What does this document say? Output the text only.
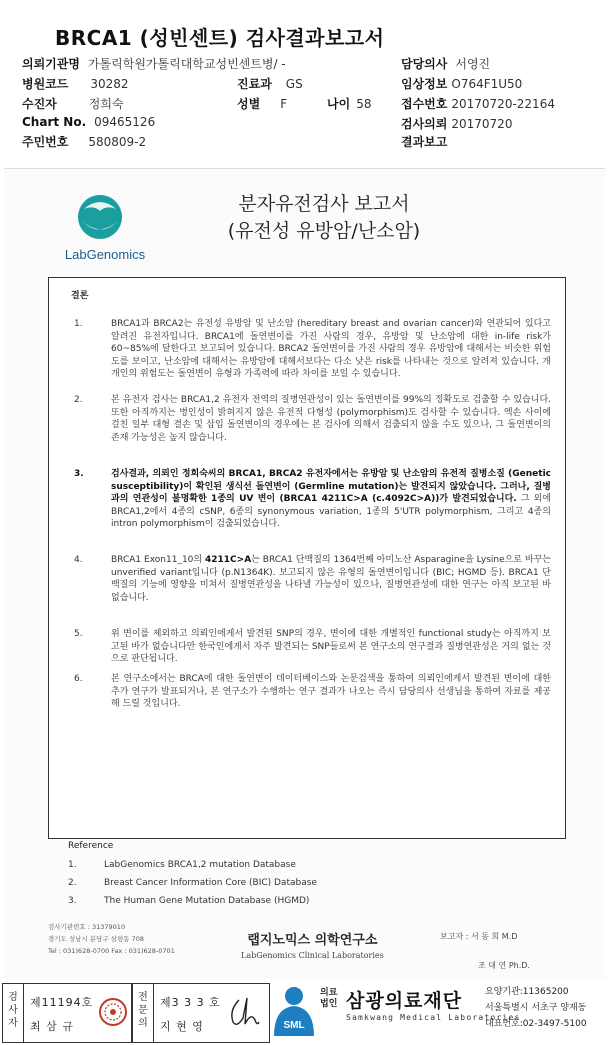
BRCA1 (성빈센트) 검사결과보고서
의뢰기관명 가톨릭학원가톨릭대학교성빈센트병/ -
병원코드 30282	진료과 GS
수진자	정희숙	성별 F	나이 58
Chart No. 09465126
주민번호 580809-2
담당의사 서영진
임상정보 O764F1U50
접수번호 20170720-22164
검사의뢰 20170720
결과보고
LabGenomics
분자유전검사 보고서
(유전성 유방암/난소암)
결론
1.	BRCA1과 BRCA2는 유전성 유방암 및 난소암 (hereditary breast and ovarian cancer)와 연관되어 있다고 알려진 유전자입니다. BRCA1에 돌연변이를 가진 사람의 경우, 유방암 및 난소암에 대한 in-life risk가 60~85%에 달한다고 보고되어 있습니다. BRCA2 돌연변이를 가진 사람의 경우 유방암에 대해서는 비슷한 위험도를 보이고, 난소암에 대해서는 유방암에 대해서보다는 다소 낮은 risk를 나타내는 것으로 알려져 있습니다. 개개인의 위험도는 돌연변이 유형과 가족력에 따라 차이를 보일 수 있습니다.
2.	본 유전자 검사는 BRCA1,2 유전자 전역의 질병연관성이 있는 돌연변이를 99%의 정확도로 검출할 수 있습니다. 또한 아직까지는 병인성이 밝혀지지 않은 유전적 다형성 (polymorphism)도 검사할 수 있습니다. 엑손 사이에 걸친 일부 대형 결손 및 삽입 돌연변이의 경우에는 본 검사에 의해서 검출되지 않을 수도 있으나, 그 돌연변이의 존재 가능성은 높지 않습니다.
3.	검사결과, 의뢰인 정희숙씨의 BRCA1, BRCA2 유전자에서는 유방암 및 난소암의 유전적 질병소질 (Genetic susceptibility)이 확인된 생식선 돌연변이 (Germline mutation)는 발견되지 않았습니다. 그러나, 질병과의 연관성이 불명확한 1종의 UV 변이 (BRCA1 4211C>A (c.4092C>A))가 발견되었습니다. 그 외에 BRCA1,2에서 4종의 cSNP, 6종의 synonymous variation, 1종의 5'UTR polymorphism, 그리고 4종의 intron polymorphism이 검출되었습니다.
4.	BRCA1 Exon11_10의 4211C>A는 BRCA1 단백질의 1364번째 아미노산 Asparagine을 Lysine으로 바꾸는 unverified variant입니다 (p.N1364K). 보고되지 않은 유형의 돌연변이입니다 (BIC; HGMD 등). BRCA1 단백질의 기능에 영향을 미쳐서 질병연관성을 나타낼 가능성이 있으나, 질병연관성에 대한 연구는 아직 보고된 바 없습니다.
5.	위 변이를 제외하고 의뢰인에게서 발견된 SNP의 경우, 변이에 대한 개별적인 functional study는 아직까지 보고된 바가 없습니다만 한국인에게서 자주 발견되는 SNP들로써 본 연구소의 연구결과 질병연관성은 거의 없는 것으로 판단됩니다.
6.	본 연구소에서는 BRCA에 대한 돌연변이 데이터베이스와 논문검색을 통하여 의뢰인에게서 발견된 변이에 대한 추가 연구가 발표되거나, 본 연구소가 수행하는 연구 결과가 나오는 즉시 담당의사 선생님을 통하여 자료를 제공해 드릴 것입니다.
Reference
1.	LabGenomics BRCA1,2 mutation Database
2.	Breast Cancer Information Core (BIC) Database
3.	The Human Gene Mutation Database (HGMD)
검사기관번호 : 31379010
경기도 성남시 분당구 삼평동 708
Tel : 031)628-0700 Fax : 031)628-0701
랩지노믹스 의학연구소
LabGenomics Clinical Laboratories
보고자 : 서 동 희 M.D
조 대 연 Ph.D.
검사자
제11194호
최 삼 규
전문의
제3 3 3 호
지 현 영	SML
의료법인 삼광의료재단
Samkwang Medical Laboratories
요양기관:11365200
서울특별시 서초구 양재동
대표번호:02-3497-5100
